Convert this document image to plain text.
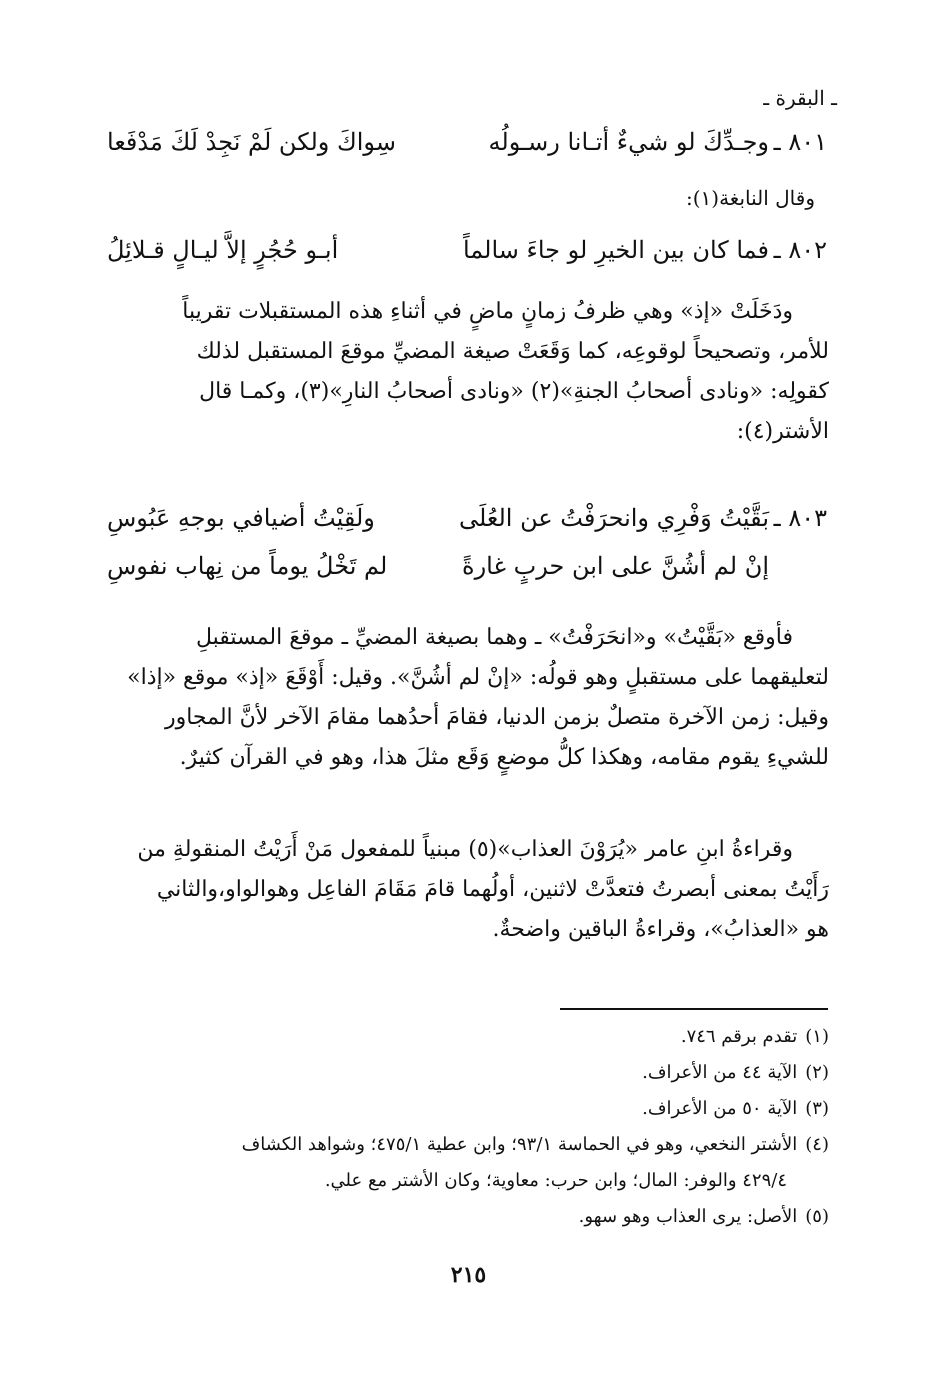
ـ البقرة ـ
٨٠١ ـ
وجـدِّكَ لو شيءٌ أتـانا رسـولُه
سِواكَ ولكن لَمْ نَجِدْ لَكَ مَدْفَعا
وقال النابغة(١):
٨٠٢ ـ
فما كان بين الخيرِ لو جاءَ سالماً
أبـو حُجُرٍ إلاَّ ليـالٍ قـلائِلُ
ودَخَلَتْ «إذ» وهي ظرفُ زمانٍ ماضٍ في أثناءِ هذه المستقبلات تقريباً
للأمر، وتصحيحاً لوقوعِه، كما وَقَعَتْ صيغة المضيِّ موقعَ المستقبل لذلك
كقولِه: «ونادى أصحابُ الجنةِ»(٢) «ونادى أصحابُ النارِ»(٣)، وكمـا قال
الأشتر(٤):
٨٠٣ ـ
بَقَّيْتُ وَفْرِي وانحرَفْتُ عن العُلَى
ولَقِيْتُ أضيافي بوجهِ عَبُوسِ
إنْ لم أشُنَّ على ابن حربٍ غارةً
لم تَخْلُ يوماً من نِهاب نفوسِ
فأوقع «بَقَّيْتُ» و«انحَرَفْتُ» ـ وهما بصيغة المضيِّ ـ موقعَ المستقبلِ
لتعليقهما على مستقبلٍ وهو قولُه: «إنْ لم أشُنَّ». وقيل: أَوْقَعَ «إذ» موقع «إذا»
وقيل: زمن الآخرة متصلٌ بزمن الدنيا، فقامَ أحدُهما مقامَ الآخر لأنَّ المجاور
للشيءِ يقوم مقامه، وهكذا كلُّ موضعٍ وَقَع مثلَ هذا، وهو في القرآن كثيرٌ.
وقراءةُ ابنِ عامر «يُرَوْنَ العذاب»(٥) مبنياً للمفعول مَنْ أَرَيْتُ المنقولةِ من
رَأَيْتُ بمعنى أبصرتُ فتعدَّتْ لاثنين، أولُهما قامَ مَقَامَ الفاعِل وهوالواو،والثاني
هو «العذابُ»، وقراءةُ الباقين واضحةٌ.
(١)تقدم برقم ٧٤٦.
(٢)الآية ٤٤ من الأعراف.
(٣)الآية ٥٠ من الأعراف.
(٤)الأشتر النخعي، وهو في الحماسة ٩٣/١؛ وابن عطية ٤٧٥/١؛ وشواهد الكشاف
٤٢٩/٤ والوفر: المال؛ وابن حرب: معاوية؛ وكان الأشتر مع علي.
(٥)الأصل: يرى العذاب وهو سهو.
٢١٥
